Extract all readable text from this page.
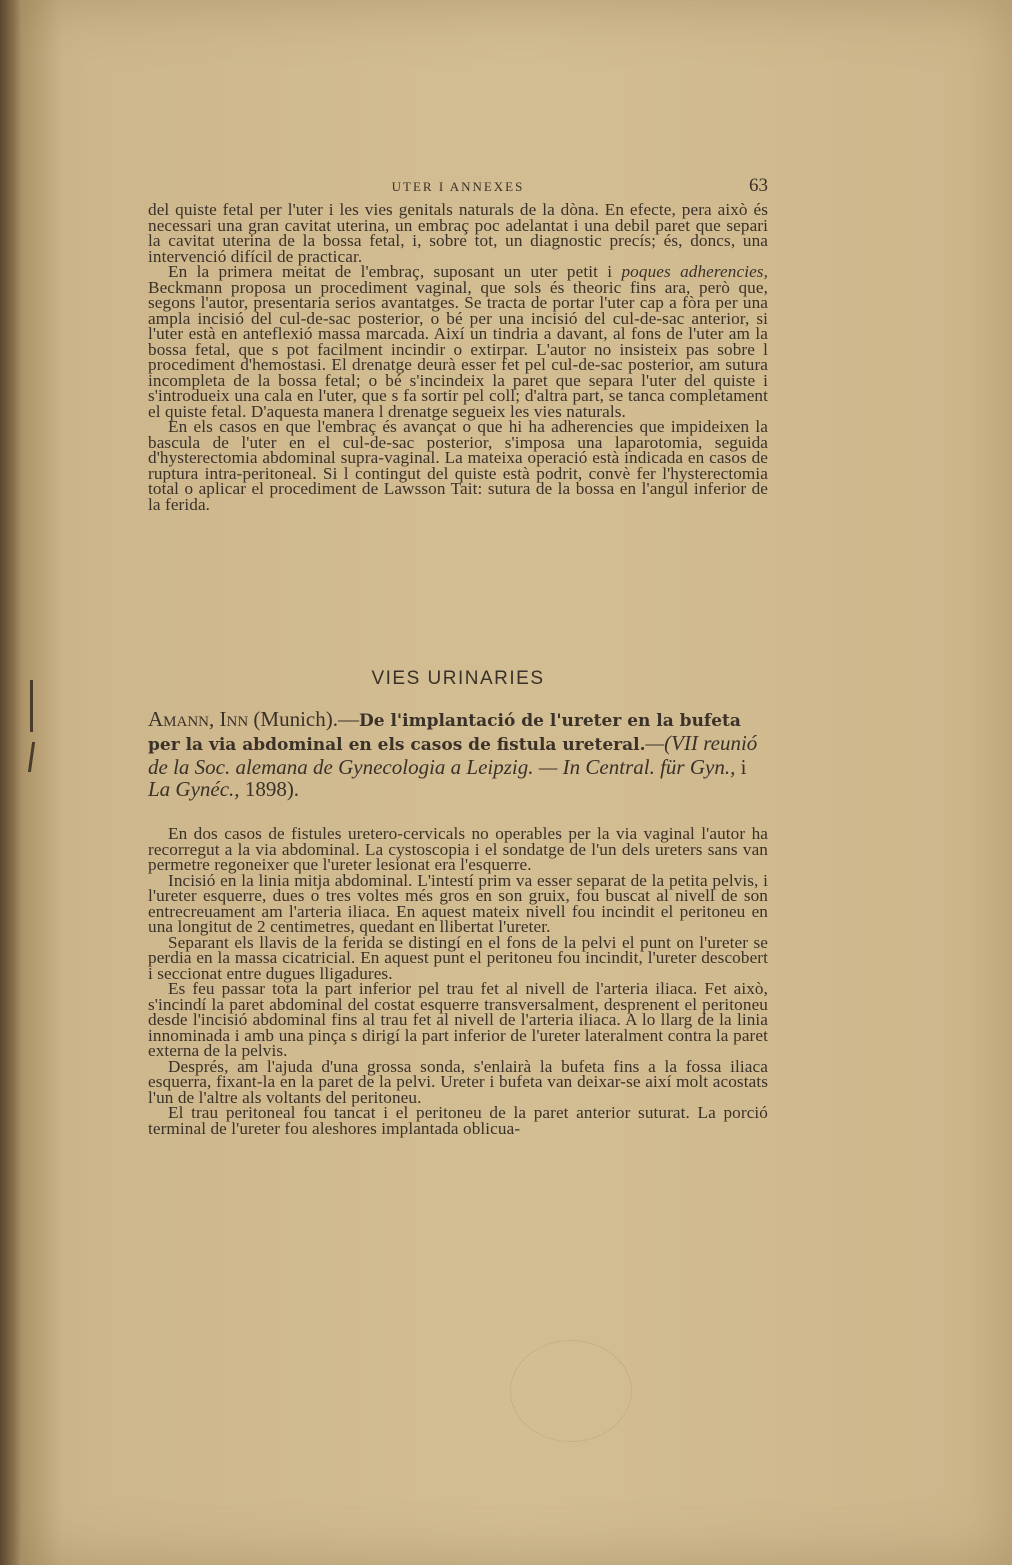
UTER I ANNEXES	63

del quiste fetal per l'uter i les vies genitals naturals de la dòna. En efecte, pera això és necessari una gran cavitat uterina, un embraç poc adelantat i una debil paret que separi la cavitat uterina de la bossa fetal, i, sobre tot, un diagnostic precís; és, doncs, una intervenció difícil de practicar.

En la primera meitat de l'embraç, suposant un uter petit i poques adherencies, Beckmann proposa un procediment vaginal, que sols és theoric fins ara, però que, segons l'autor, presentaria serios avantatges. Se tracta de portar l'uter cap a fòra per una ampla incisió del cul-de-sac posterior, o bé per una incisió del cul-de-sac anterior, si l'uter està en anteflexió massa marcada. Així un tindria a davant, al fons de l'uter am la bossa fetal, que s pot facilment incindir o extirpar. L'autor no insisteix pas sobre l procediment d'hemostasi. El drenatge deurà esser fet pel cul-de-sac posterior, am sutura incompleta de la bossa fetal; o bé s'incindeix la paret que separa l'uter del quiste i s'introdueix una cala en l'uter, que s fa sortir pel coll; d'altra part, se tanca completament el quiste fetal. D'aquesta manera l drenatge segueix les vies naturals.

En els casos en que l'embraç és avançat o que hi ha adherencies que impideixen la bascula de l'uter en el cul-de-sac posterior, s'imposa una laparotomia, seguida d'hysterectomia abdominal supra-vaginal. La mateixa operació està indicada en casos de ruptura intra-peritoneal. Si l contingut del quiste està podrit, convè fer l'hysterectomia total o aplicar el procediment de Lawsson Tait: sutura de la bossa en l'angul inferior de la ferida.

VIES URINARIES
Amann, Inn (Munich).—De l'implantació de l'ureter en la bufeta per la via abdominal en els casos de fistula ureteral.—(VII reunió de la Soc. alemana de Gynecologia a Leipzig. — In Central. für Gyn., i La Gynéc., 1898).

En dos casos de fistules uretero-cervicals no operables per la via vaginal l'autor ha recorregut a la via abdominal. La cystoscopia i el sondatge de l'un dels ureters sans van permetre regoneixer que l'ureter lesionat era l'esquerre.

Incisió en la linia mitja abdominal. L'intestí prim va esser separat de la petita pelvis, i l'ureter esquerre, dues o tres voltes més gros en son gruix, fou buscat al nivell de son entrecreuament am l'arteria iliaca. En aquest mateix nivell fou incindit el peritoneu en una longitut de 2 centimetres, quedant en llibertat l'ureter.

Separant els llavis de la ferida se distingí en el fons de la pelvi el punt on l'ureter se perdia en la massa cicatricial. En aquest punt el peritoneu fou incindit, l'ureter descobert i seccionat entre dugues lligadures.

Es feu passar tota la part inferior pel trau fet al nivell de l'arteria iliaca. Fet això, s'incindí la paret abdominal del costat esquerre transversalment, desprenent el peritoneu desde l'incisió abdominal fins al trau fet al nivell de l'arteria iliaca. A lo llarg de la linia innominada i amb una pinça s dirigí la part inferior de l'ureter lateralment contra la paret externa de la pelvis.

Després, am l'ajuda d'una grossa sonda, s'enlairà la bufeta fins a la fossa iliaca esquerra, fixant-la en la paret de la pelvi. Ureter i bufeta van deixar-se així molt acostats l'un de l'altre als voltants del peritoneu.

El trau peritoneal fou tancat i el peritoneu de la paret anterior suturat. La porció terminal de l'ureter fou aleshores implantada oblicua-
